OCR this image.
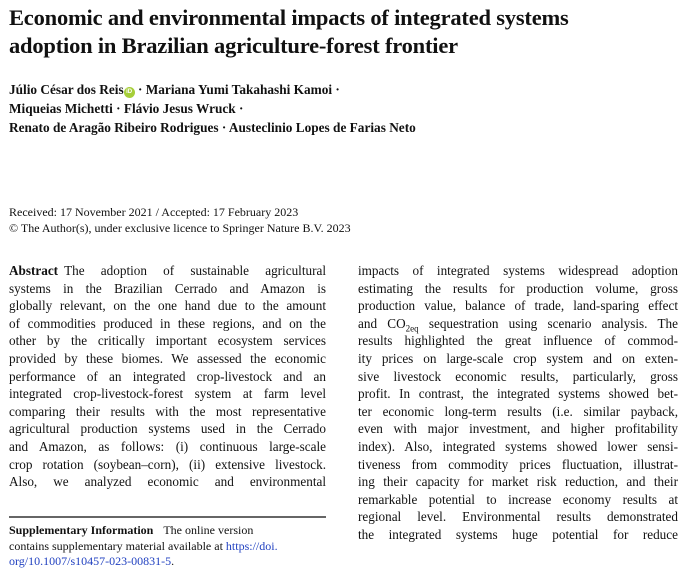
Economic and environmental impacts of integrated systems
adoption in Brazilian agriculture-forest frontier
Júlio César dos Reis iD · Mariana Yumi Takahashi Kamoi ·
Miqueias Michetti · Flávio Jesus Wruck ·
Renato de Aragão Ribeiro Rodrigues · Austeclinio Lopes de Farias Neto
Received: 17 November 2021 / Accepted: 17 February 2023
© The Author(s), under exclusive licence to Springer Nature B.V. 2023

Abstract The adoption of sustainable agricultural

systems in the Brazilian Cerrado and Amazon is

globally relevant, on the one hand due to the amount

of commodities produced in these regions, and on the

other by the critically important ecosystem services

provided by these biomes. We assessed the economic

performance of an integrated crop-livestock and an

integrated crop-livestock-forest system at farm level

comparing their results with the most representative

agricultural production systems used in the Cerrado

and Amazon, as follows: (i) continuous large-scale

crop rotation (soybean–corn), (ii) extensive livestock.

Also, we analyzed economic and environmental

impacts of integrated systems widespread adoption

estimating the results for production volume, gross

production value, balance of trade, land-sparing effect

and $CO_{2eq}$ sequestration using scenario analysis. The

results highlighted the great influence of commod-

ity prices on large-scale crop system and on exten-

sive livestock economic results, particularly, gross

profit. In contrast, the integrated systems showed bet-

ter economic long-term results (i.e. similar payback,

even with major investment, and higher profitability

index). Also, integrated systems showed lower sensi-

tiveness from commodity prices fluctuation, illustrat-

ing their capacity for market risk reduction, and their

remarkable potential to increase economy results at

regional level. Environmental results demonstrated

the integrated systems huge potential for reduce

Supplementary Information The online version
contains supplementary material available at https://doi.
org/10.1007/s10457-023-00831-5.
